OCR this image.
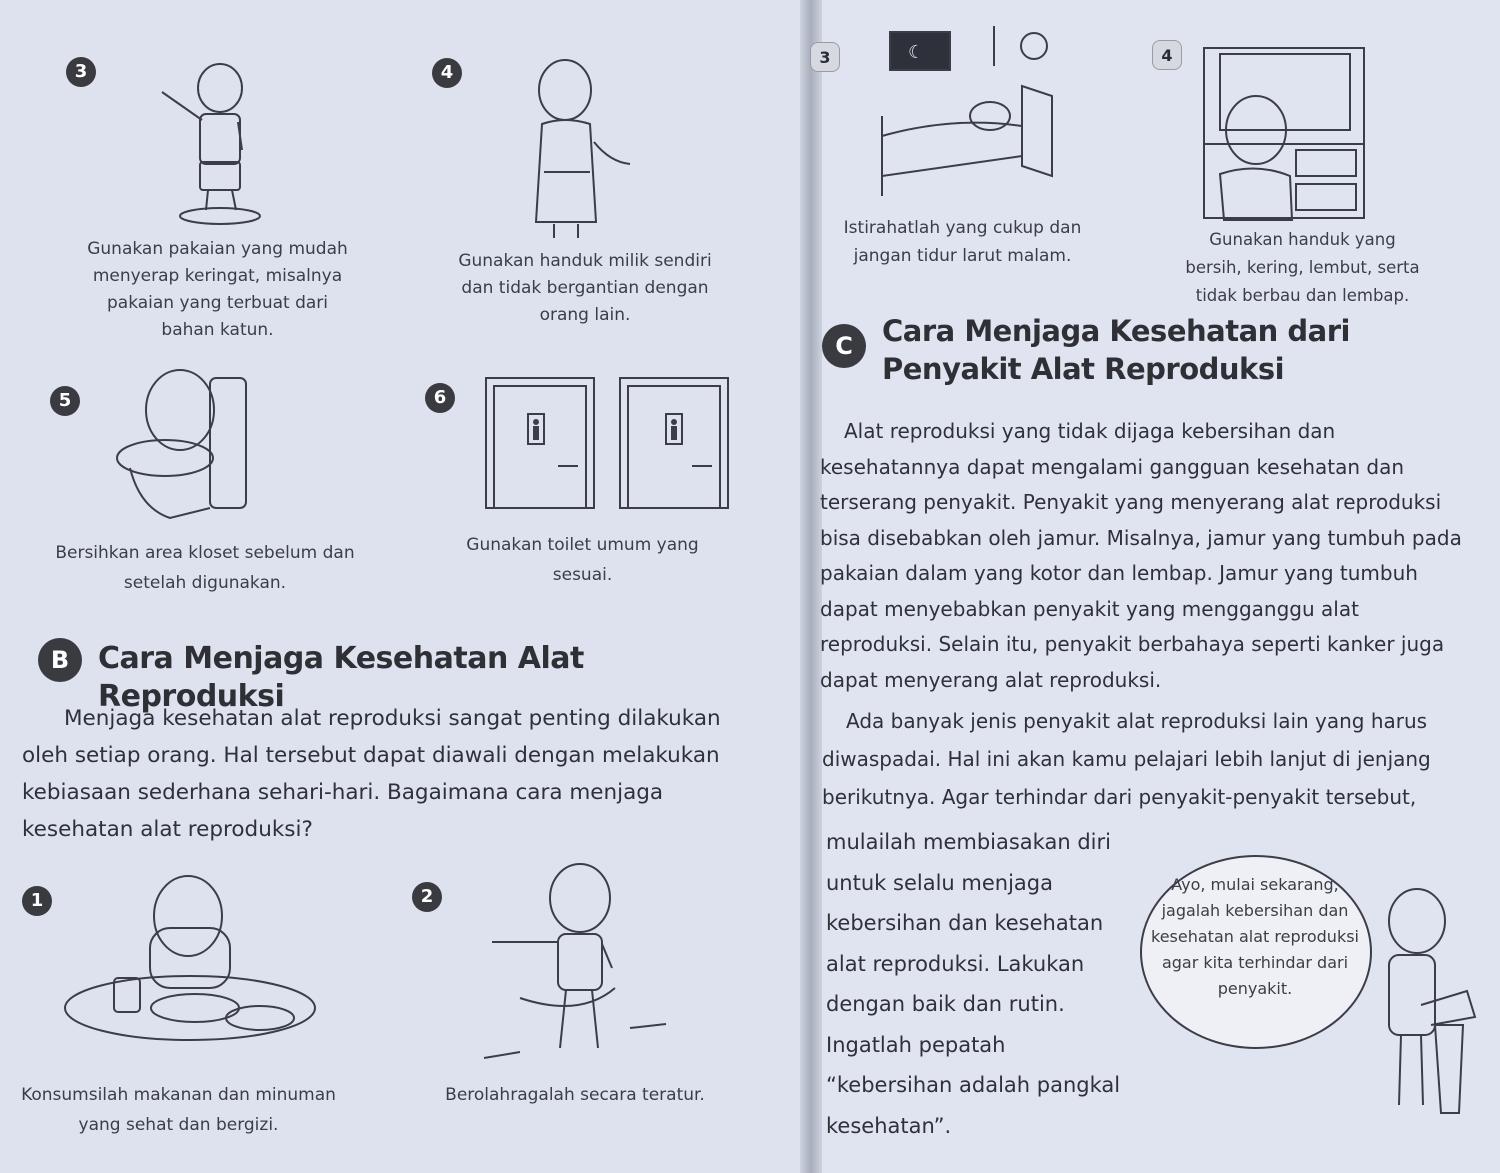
3
Gunakan pakaian yang mudah menyerap keringat, misalnya pakaian yang terbuat dari bahan katun.
4
Gunakan handuk milik sendiri dan tidak bergantian dengan orang lain.
5
Bersihkan area kloset sebelum dan setelah digunakan.
6
Gunakan toilet umum yang sesuai.
B Cara Menjaga Kesehatan Alat Reproduksi
Menjaga kesehatan alat reproduksi sangat penting dilakukan oleh setiap orang. Hal tersebut dapat diawali dengan melakukan kebiasaan sederhana sehari-hari. Bagaimana cara menjaga kesehatan alat reproduksi?
1
Konsumsilah makanan dan minuman yang sehat dan bergizi.
2
Berolahragalah secara teratur.
3	☾
Istirahatlah yang cukup dan jangan tidur larut malam.
4
Gunakan handuk yang bersih, kering, lembut, serta tidak berbau dan lembap.
C	Cara Menjaga Kesehatan dari Penyakit Alat Reproduksi
Alat reproduksi yang tidak dijaga kebersihan dan kesehatannya dapat mengalami gangguan kesehatan dan terserang penyakit. Penyakit yang menyerang alat reproduksi bisa disebabkan oleh jamur. Misalnya, jamur yang tumbuh pada pakaian dalam yang kotor dan lembap. Jamur yang tumbuh dapat menyebabkan penyakit yang mengganggu alat reproduksi. Selain itu, penyakit berbahaya seperti kanker juga dapat menyerang alat reproduksi.
Ada banyak jenis penyakit alat reproduksi lain yang harus diwaspadai. Hal ini akan kamu pelajari lebih lanjut di jenjang berikutnya. Agar terhindar dari penyakit-penyakit tersebut,
mulailah membiasakan diri untuk selalu menjaga kebersihan dan kesehatan alat reproduksi. Lakukan dengan baik dan rutin. Ingatlah pepatah “kebersihan adalah pangkal kesehatan”.
Ayo, mulai sekarang, jagalah kebersihan dan kesehatan alat reproduksi agar kita terhindar dari penyakit.
